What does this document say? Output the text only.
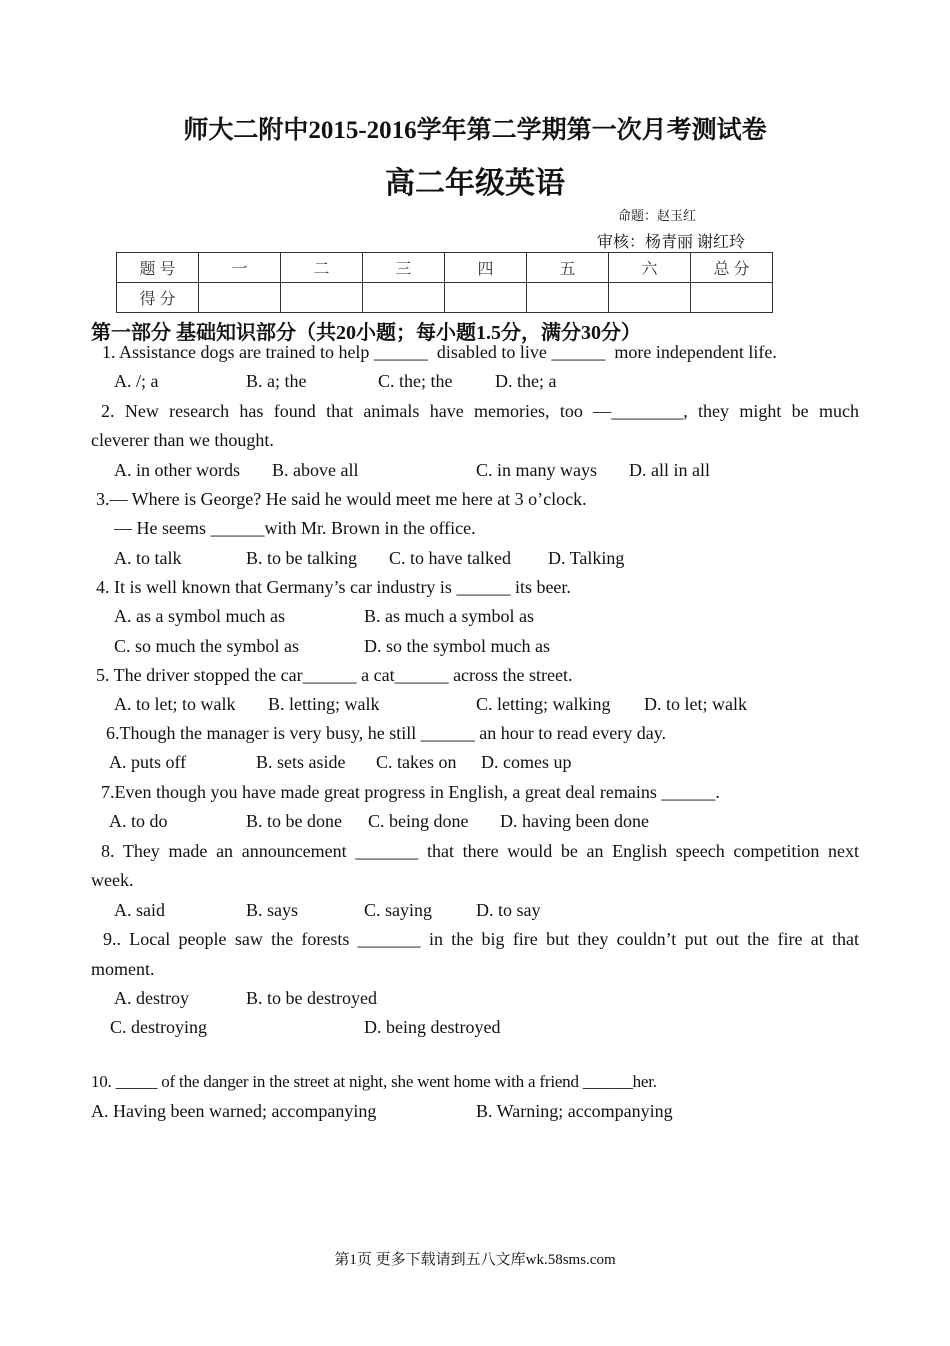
师大二附中2015-2016学年第二学期第一次月考测试卷
高二年级英语
命题：赵玉红
审核：杨青丽 谢红玲
题 号	一	二	三	四	五	六	总 分
得 分							
第一部分 基础知识部分（共20小题；每小题1.5分，满分30分）
1. Assistance dogs are trained to help ______  disabled to live ______  more independent life.
A. /; a	B. a; the	C. the; the D. the; a
2. New research has found that animals have memories, too —________, they might be much
cleverer than we thought.
A. in other words B. above all	C. in many ways D. all in all
3.— Where is George? He said he would meet me here at 3 o’clock.
— He seems ______with Mr. Brown in the office.
A. to talk	B. to be talking C. to have talked D. Talking
4. It is well known that Germany’s car industry is ______ its beer.
A. as a symbol much as	B. as much a symbol as
C. so much the symbol as	D. so the symbol much as
5. The driver stopped the car______ a cat______ across the street.
A. to let; to walk B. letting; walk	C. letting; walking D. to let; walk
6.Though the manager is very busy, he still ______ an hour to read every day.
A. puts off	B. sets aside C. takes on D. comes up
7.Even though you have made great progress in English, a great deal remains ______.
A. to do	B. to be done C. being done D. having been done
8. They made an announcement _______ that there would be an English speech competition next
week.
A. said	B. says	C. saying D. to say
9.. Local people saw the forests _______ in the big fire but they couldn’t put out the fire at that
moment.
A. destroy	B. to be destroyed
C. destroying	D. being destroyed
10. _____ of the danger in the street at night, she went home with a friend ______her.
A. Having been warned; accompanying	B. Warning; accompanying
第1页 更多下载请到五八文库wk.58sms.com
